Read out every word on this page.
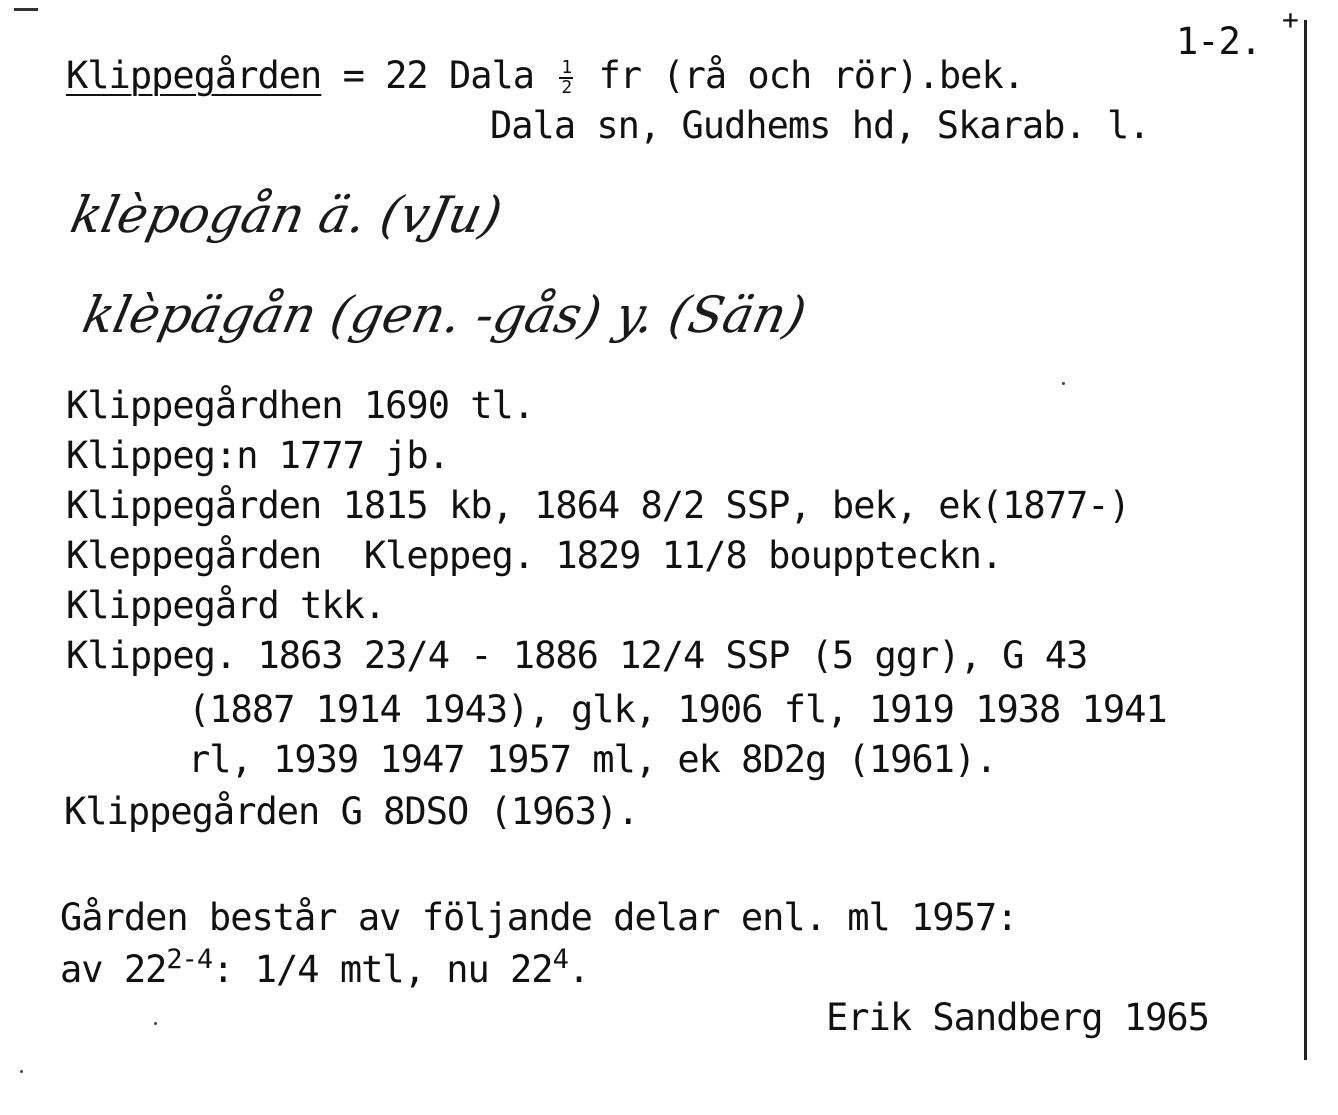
+
1-2.
Klippegården = 22 Dala $\frac{1}{2}$ fr (rå och rör).bek.
Dala sn, Gudhems hd, Skarab. l.
klèpogån ä. (vJu)
klèpägån (gen. -gås) y. (Sän)
Klippegårdhen 1690 tl.
Klippeg:n 1777 jb.
Klippegården 1815 kb, 1864 8/2 SSP, bek, ek(1877-)
Kleppegården  Kleppeg. 1829 11/8 bouppteckn.
Klippegård tkk.
Klippeg. 1863 23/4 - 1886 12/4 SSP (5 ggr), G 43
(1887 1914 1943), glk, 1906 fl, 1919 1938 1941
rl, 1939 1947 1957 ml, ek 8D2g (1961).
Klippegården G 8DSO (1963).
Gården består av följande delar enl. ml 1957:
av 22$^{2-4}$: 1/4 mtl, nu $22^4$.
Erik Sandberg 1965
